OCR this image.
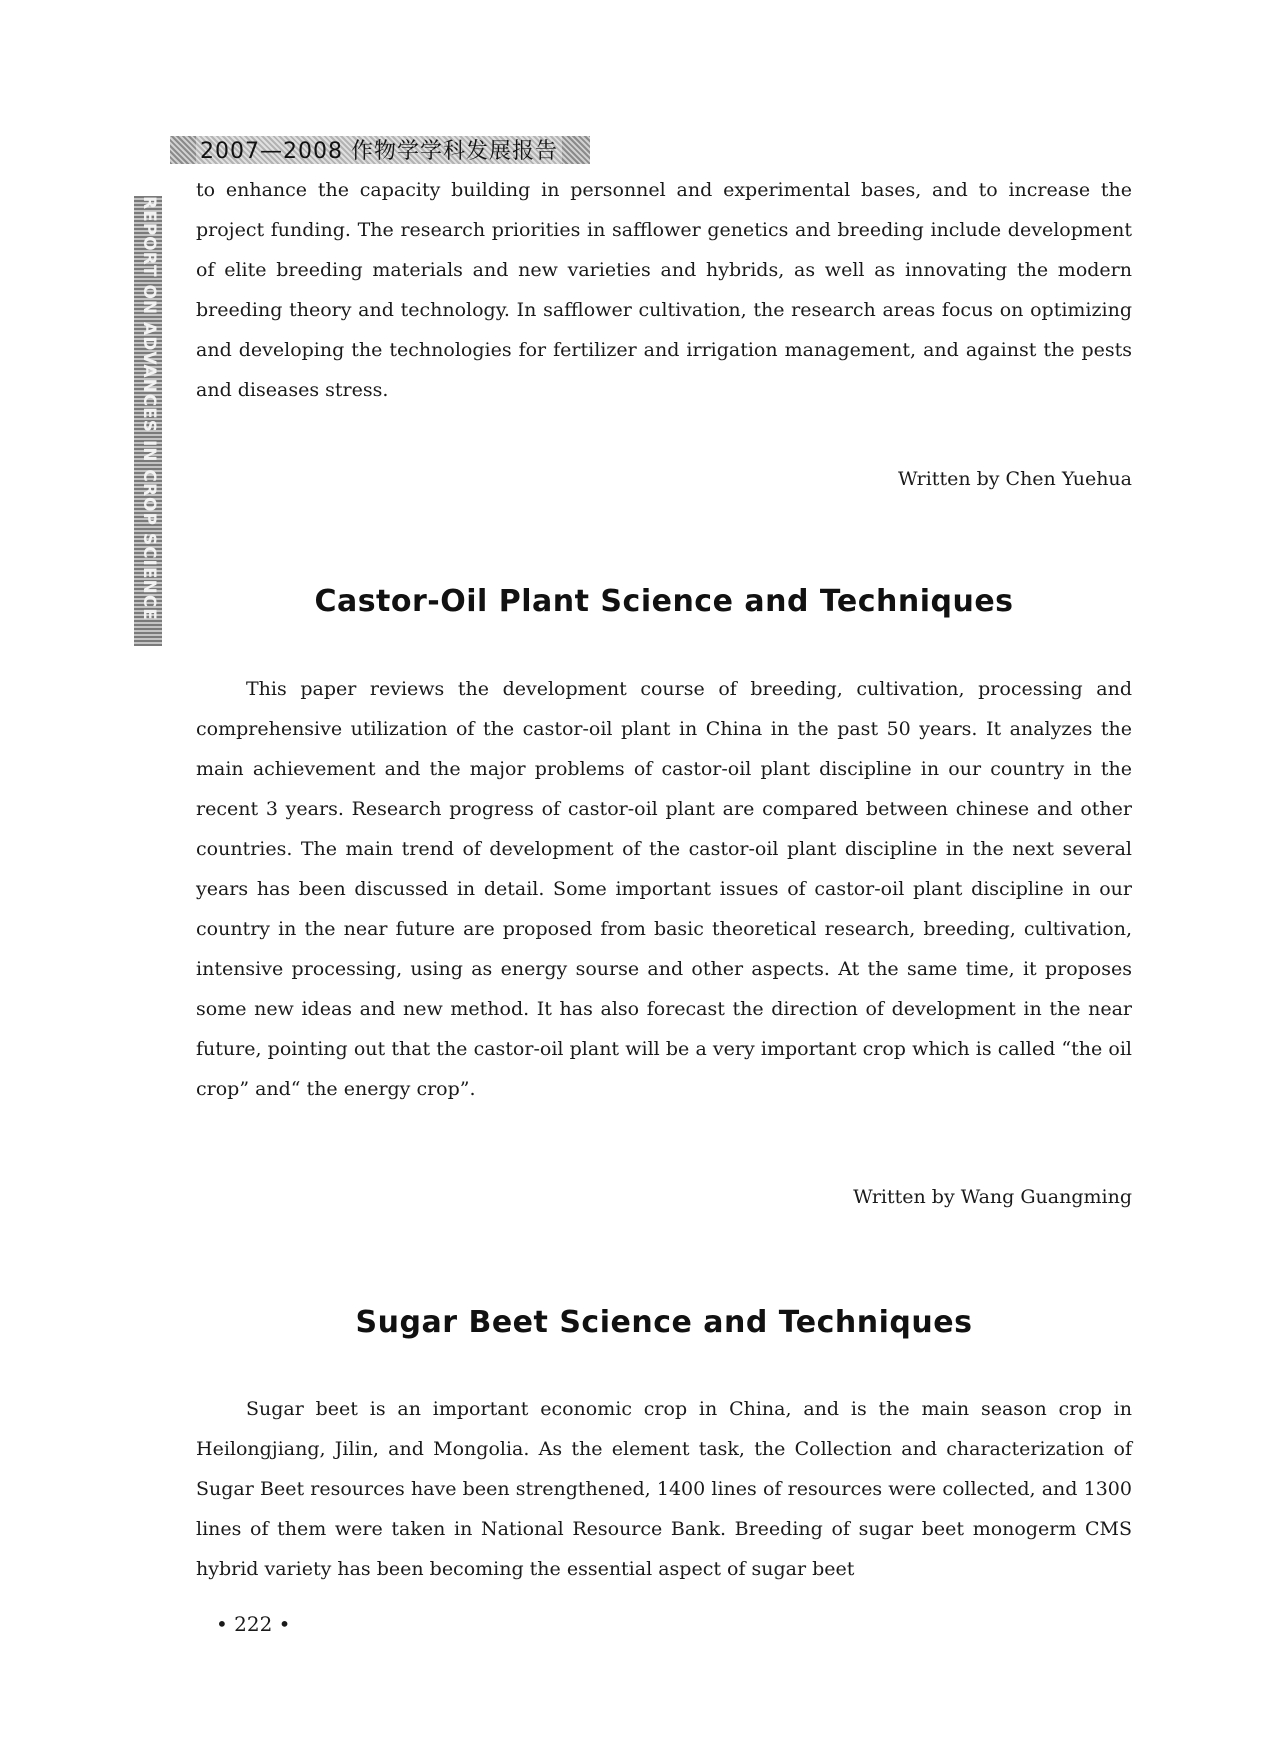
2007—2008 作物学学科发展报告
REPORT ON ADVANCES IN CROP SCIENCE

to enhance the capacity building in personnel and experimental bases, and to increase the project funding. The research priorities in safflower genetics and breeding include development of elite breeding materials and new varieties and hybrids, as well as innovating the modern breeding theory and technology. In safflower cultivation, the research areas focus on optimizing and developing the technologies for fertilizer and irrigation management, and against the pests and diseases stress.

Written by Chen Yuehua
Castor-Oil Plant Science and Techniques

This paper reviews the development course of breeding, cultivation, processing and comprehensive utilization of the castor-oil plant in China in the past 50 years. It analyzes the main achievement and the major problems of castor-oil plant discipline in our country in the recent 3 years. Research progress of castor-oil plant are compared between chinese and other countries. The main trend of development of the castor-oil plant discipline in the next several years has been discussed in detail. Some important issues of castor-oil plant discipline in our country in the near future are proposed from basic theoretical research, breeding, cultivation, intensive processing, using as energy sourse and other aspects. At the same time, it proposes some new ideas and new method. It has also forecast the direction of development in the near future, pointing out that the castor-oil plant will be a very important crop which is called “the oil crop” and“ the energy crop”.

Written by Wang Guangming
Sugar Beet Science and Techniques

Sugar beet is an important economic crop in China, and is the main season crop in Heilongjiang, Jilin, and Mongolia. As the element task, the Collection and characterization of Sugar Beet resources have been strengthened, 1400 lines of resources were collected, and 1300 lines of them were taken in National Resource Bank. Breeding of sugar beet monogerm CMS hybrid variety has been becoming the essential aspect of sugar beet

• 222 •
